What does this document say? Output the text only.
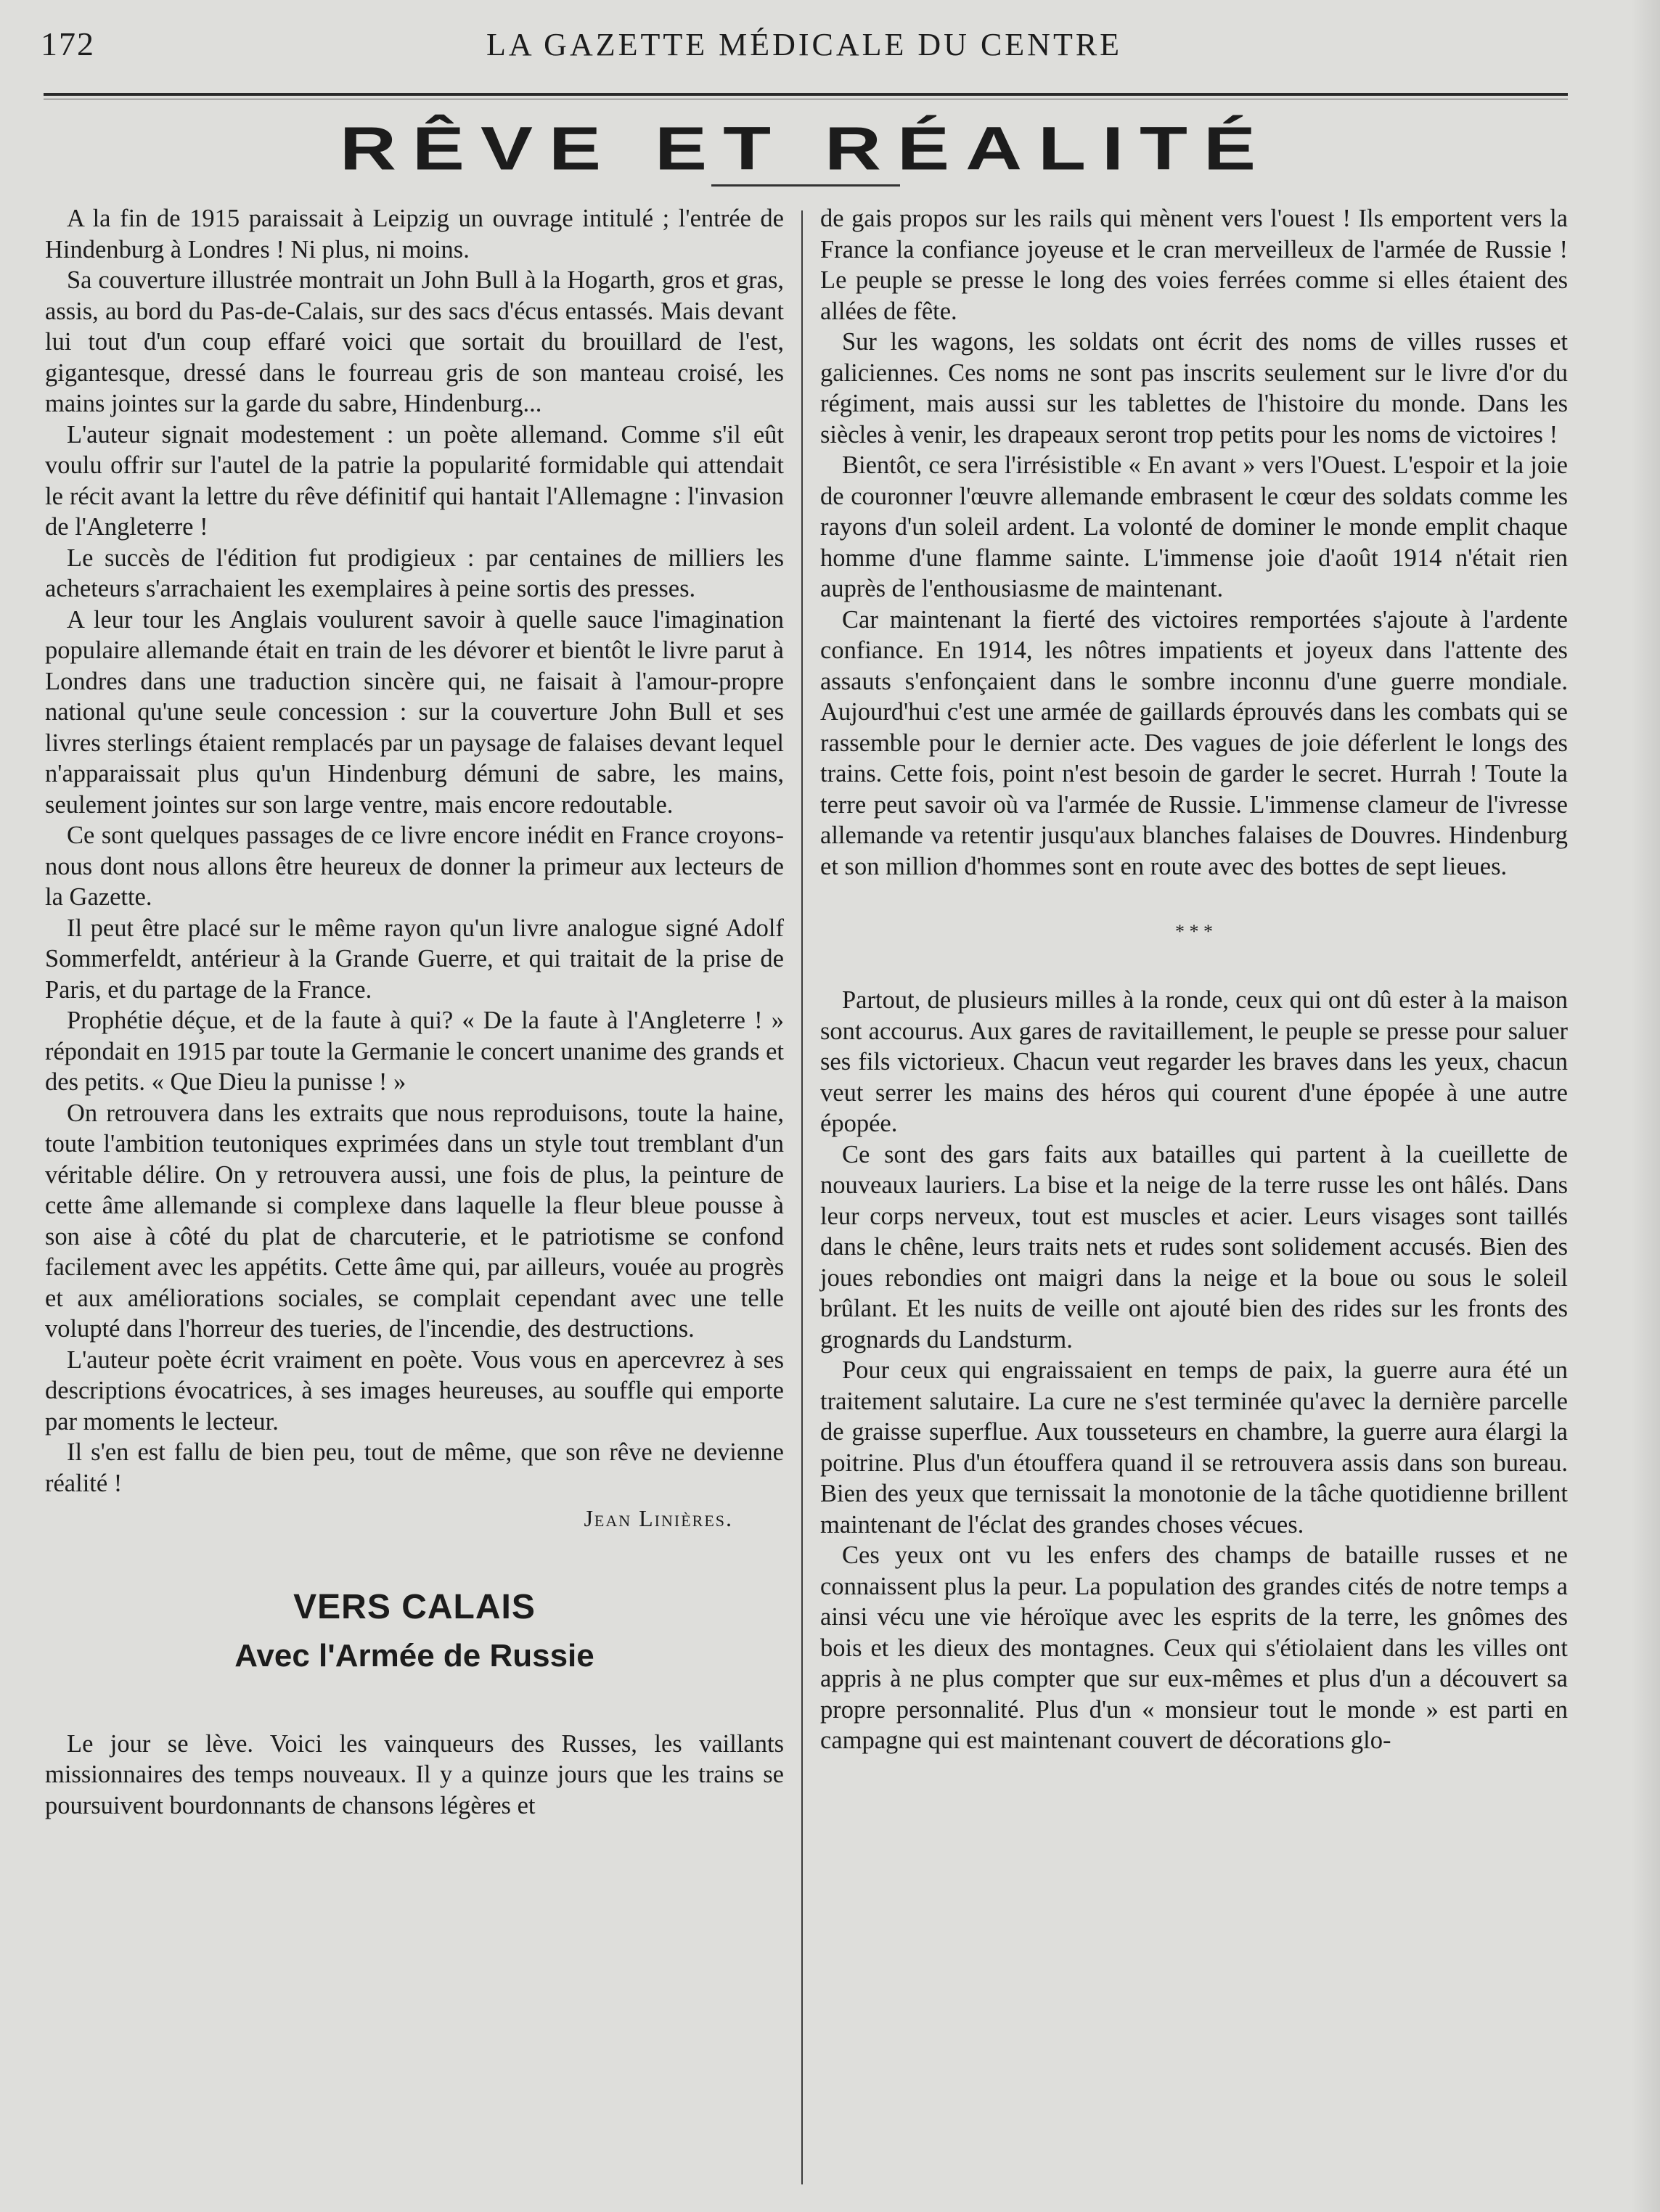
172	LA GAZETTE MÉDICALE DU CENTRE
RÊVE ET RÉALITÉ

A la fin de 1915 paraissait à Leipzig un ouvrage intitulé ; l'entrée de Hindenburg à Londres ! Ni plus, ni moins.

Sa couverture illustrée montrait un John Bull à la Hogarth, gros et gras, assis, au bord du Pas-de-Calais, sur des sacs d'écus entassés. Mais devant lui tout d'un coup effaré voici que sortait du brouillard de l'est, gigantesque, dressé dans le fourreau gris de son manteau croisé, les mains jointes sur la garde du sabre, Hindenburg...

L'auteur signait modestement : un poète allemand. Comme s'il eût voulu offrir sur l'autel de la patrie la popularité formidable qui attendait le récit avant la lettre du rêve définitif qui hantait l'Allemagne : l'invasion de l'Angleterre !

Le succès de l'édition fut prodigieux : par centaines de milliers les acheteurs s'arrachaient les exemplaires à peine sortis des presses.

A leur tour les Anglais voulurent savoir à quelle sauce l'imagination populaire allemande était en train de les dévorer et bientôt le livre parut à Londres dans une traduction sincère qui, ne faisait à l'amour-propre national qu'une seule concession : sur la couverture John Bull et ses livres sterlings étaient remplacés par un paysage de falaises devant lequel n'apparaissait plus qu'un Hindenburg démuni de sabre, les mains, seulement jointes sur son large ventre, mais encore redoutable.

Ce sont quelques passages de ce livre encore inédit en France croyons-nous dont nous allons être heureux de donner la primeur aux lecteurs de la Gazette.

Il peut être placé sur le même rayon qu'un livre analogue signé Adolf Sommerfeldt, antérieur à la Grande Guerre, et qui traitait de la prise de Paris, et du partage de la France.

Prophétie déçue, et de la faute à qui? « De la faute à l'Angleterre ! » répondait en 1915 par toute la Germanie le concert unanime des grands et des petits. « Que Dieu la punisse ! »

On retrouvera dans les extraits que nous reproduisons, toute la haine, toute l'ambition teutoniques exprimées dans un style tout tremblant d'un véritable délire. On y retrouvera aussi, une fois de plus, la peinture de cette âme allemande si complexe dans laquelle la fleur bleue pousse à son aise à côté du plat de charcuterie, et le patriotisme se confond facilement avec les appétits. Cette âme qui, par ailleurs, vouée au progrès et aux améliorations sociales, se complait cependant avec une telle volupté dans l'horreur des tueries, de l'incendie, des destructions.

L'auteur poète écrit vraiment en poète. Vous vous en apercevrez à ses descriptions évocatrices, à ses images heureuses, au souffle qui emporte par moments le lecteur.

Il s'en est fallu de bien peu, tout de même, que son rêve ne devienne réalité !

Jean Linières.
VERS CALAIS
Avec l'Armée de Russie

Le jour se lève. Voici les vainqueurs des Russes, les vaillants missionnaires des temps nouveaux. Il y a quinze jours que les trains se poursuivent bourdonnants de chansons légères et

de gais propos sur les rails qui mènent vers l'ouest ! Ils emportent vers la France la confiance joyeuse et le cran merveilleux de l'armée de Russie ! Le peuple se presse le long des voies ferrées comme si elles étaient des allées de fête.

Sur les wagons, les soldats ont écrit des noms de villes russes et galiciennes. Ces noms ne sont pas inscrits seulement sur le livre d'or du régiment, mais aussi sur les tablettes de l'histoire du monde. Dans les siècles à venir, les drapeaux seront trop petits pour les noms de victoires !

Bientôt, ce sera l'irrésistible « En avant » vers l'Ouest. L'espoir et la joie de couronner l'œuvre allemande embrasent le cœur des soldats comme les rayons d'un soleil ardent. La volonté de dominer le monde emplit chaque homme d'une flamme sainte. L'immense joie d'août 1914 n'était rien auprès de l'enthousiasme de maintenant.

Car maintenant la fierté des victoires remportées s'ajoute à l'ardente confiance. En 1914, les nôtres impatients et joyeux dans l'attente des assauts s'enfonçaient dans le sombre inconnu d'une guerre mondiale. Aujourd'hui c'est une armée de gaillards éprouvés dans les combats qui se rassemble pour le dernier acte. Des vagues de joie déferlent le longs des trains. Cette fois, point n'est besoin de garder le secret. Hurrah ! Toute la terre peut savoir où va l'armée de Russie. L'immense clameur de l'ivresse allemande va retentir jusqu'aux blanches falaises de Douvres. Hindenburg et son million d'hommes sont en route avec des bottes de sept lieues.

* * *

Partout, de plusieurs milles à la ronde, ceux qui ont dû ester à la maison sont accourus. Aux gares de ravitaillement, le peuple se presse pour saluer ses fils victorieux. Chacun veut regarder les braves dans les yeux, chacun veut serrer les mains des héros qui courent d'une épopée à une autre épopée.

Ce sont des gars faits aux batailles qui partent à la cueillette de nouveaux lauriers. La bise et la neige de la terre russe les ont hâlés. Dans leur corps nerveux, tout est muscles et acier. Leurs visages sont taillés dans le chêne, leurs traits nets et rudes sont solidement accusés. Bien des joues rebondies ont maigri dans la neige et la boue ou sous le soleil brûlant. Et les nuits de veille ont ajouté bien des rides sur les fronts des grognards du Landsturm.

Pour ceux qui engraissaient en temps de paix, la guerre aura été un traitement salutaire. La cure ne s'est terminée qu'avec la dernière parcelle de graisse superflue. Aux tousseteurs en chambre, la guerre aura élargi la poitrine. Plus d'un étouffera quand il se retrouvera assis dans son bureau. Bien des yeux que ternissait la monotonie de la tâche quotidienne brillent maintenant de l'éclat des grandes choses vécues.

Ces yeux ont vu les enfers des champs de bataille russes et ne connaissent plus la peur. La population des grandes cités de notre temps a ainsi vécu une vie héroïque avec les esprits de la terre, les gnômes des bois et les dieux des montagnes. Ceux qui s'étiolaient dans les villes ont appris à ne plus compter que sur eux-mêmes et plus d'un a découvert sa propre personnalité. Plus d'un « monsieur tout le monde » est parti en campagne qui est maintenant couvert de décorations glo-
